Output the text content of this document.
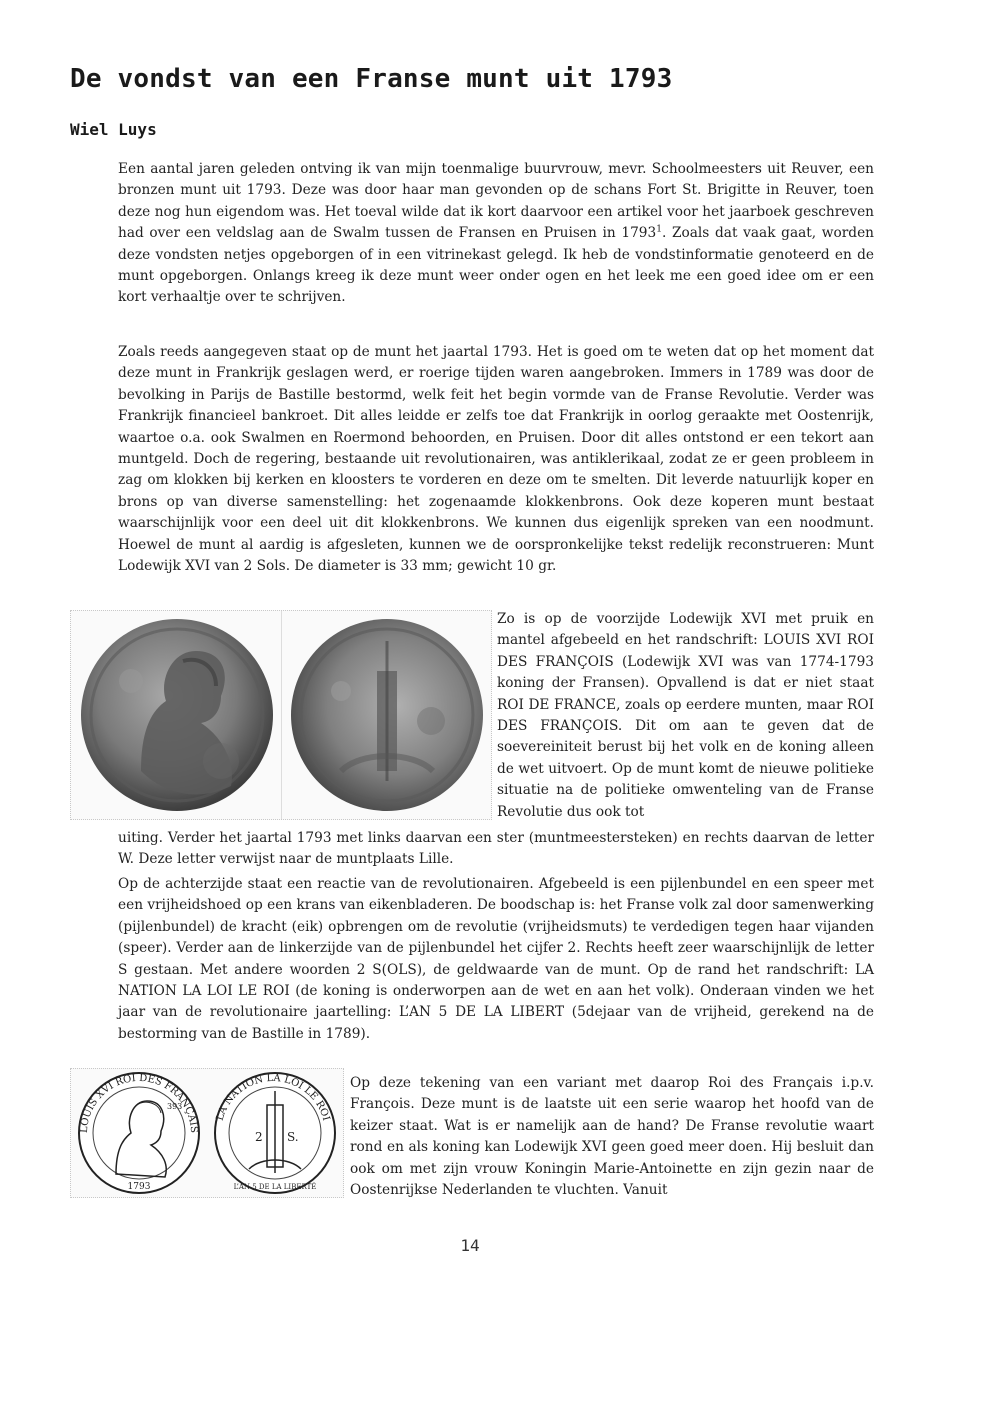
De vondst van een Franse munt uit 1793
Wiel Luys

Een aantal jaren geleden ontving ik van mijn toenmalige buurvrouw, mevr. Schoolmeesters uit Reuver, een bronzen munt uit 1793. Deze was door haar man gevonden op de schans Fort St. Brigitte in Reuver, toen deze nog hun eigendom was. Het toeval wilde dat ik kort daarvoor een artikel voor het jaarboek geschreven had over een veldslag aan de Swalm tussen de Fransen en Pruisen in 1793$^1$. Zoals dat vaak gaat, worden deze vondsten netjes opgeborgen of in een vitrinekast gelegd. Ik heb de vondstinformatie genoteerd en de munt opgeborgen. Onlangs kreeg ik deze munt weer onder ogen en het leek me een goed idee om er een kort verhaaltje over te schrijven.

Zoals reeds aangegeven staat op de munt het jaartal 1793. Het is goed om te weten dat op het moment dat deze munt in Frankrijk geslagen werd, er roerige tijden waren aangebroken. Immers in 1789 was door de bevolking in Parijs de Bastille bestormd, welk feit het begin vormde van de Franse Revolutie. Verder was Frankrijk financieel bankroet. Dit alles leidde er zelfs toe dat Frankrijk in oorlog geraakte met Oostenrijk, waartoe o.a. ook Swalmen en Roermond behoorden, en Pruisen. Door dit alles ontstond er een tekort aan muntgeld. Doch de regering, bestaande uit revolutionairen, was antiklerikaal, zodat ze er geen probleem in zag om klokken bij kerken en kloosters te vorderen en deze om te smelten. Dit leverde natuurlijk koper en brons op van diverse samenstelling: het zogenaamde klokkenbrons. Ook deze koperen munt bestaat waarschijnlijk voor een deel uit dit klokkenbrons. We kunnen dus eigenlijk spreken van een noodmunt. Hoewel de munt al aardig is afgesleten, kunnen we de oorspronkelijke tekst redelijk reconstrueren: Munt Lodewijk XVI van 2 Sols. De diameter is 33 mm; gewicht 10 gr.

Zo is op de voorzijde Lodewijk XVI met pruik en mantel afgebeeld en het randschrift: LOUIS XVI ROI DES FRANÇOIS (Lodewijk XVI was van 1774-1793 koning der Fransen). Opvallend is dat er niet staat ROI DE FRANCE, zoals op eerdere munten, maar ROI DES FRANÇOIS. Dit om aan te geven dat de soevereiniteit berust bij het volk en de koning alleen de wet uitvoert. Op de munt komt de nieuwe politieke situatie na de politieke omwenteling van de Franse Revolutie dus ook tot

uiting. Verder het jaartal 1793 met links daarvan een ster (muntmeestersteken) en rechts daarvan de letter W. Deze letter verwijst naar de muntplaats Lille.

Op de achterzijde staat een reactie van de revolutionairen. Afgebeeld is een pijlenbundel en een speer met een vrijheidshoed op een krans van eikenbladeren. De boodschap is: het Franse volk zal door samenwerking (pijlenbundel) de kracht (eik) opbrengen om de revolutie (vrijheidsmuts) te verdedigen tegen haar vijanden (speer). Verder aan de linkerzijde van de pijlenbundel het cijfer 2. Rechts heeft zeer waarschijnlijk de letter S gestaan. Met andere woorden 2 S(OLS), de geldwaarde van de munt. Op de rand het randschrift: LA NATION LA LOI LE ROI (de koning is onderworpen aan de wet en aan het volk). Onderaan vinden we het jaar van de revolutionaire jaartelling: L’AN 5 DE LA LIBERT (5dejaar van de vrijheid, gerekend na de bestorming van de Bastille in 1789).

LOUIS XVI ROI DES FRANÇAIS
393
1793
LA NATION LA LOI LE ROI
2 S.
L’AN 5 DE LA LIBERTÉ

Op deze tekening van een variant met daarop Roi des Français i.p.v. François. Deze munt is de laatste uit een serie waarop het hoofd van de keizer staat. Wat is er namelijk aan de hand? De Franse revolutie waart rond en als koning kan Lodewijk XVI geen goed meer doen. Hij besluit dan ook om met zijn vrouw Koningin Marie-Antoinette en zijn gezin naar de Oostenrijkse Nederlanden te vluchten. Vanuit

14
